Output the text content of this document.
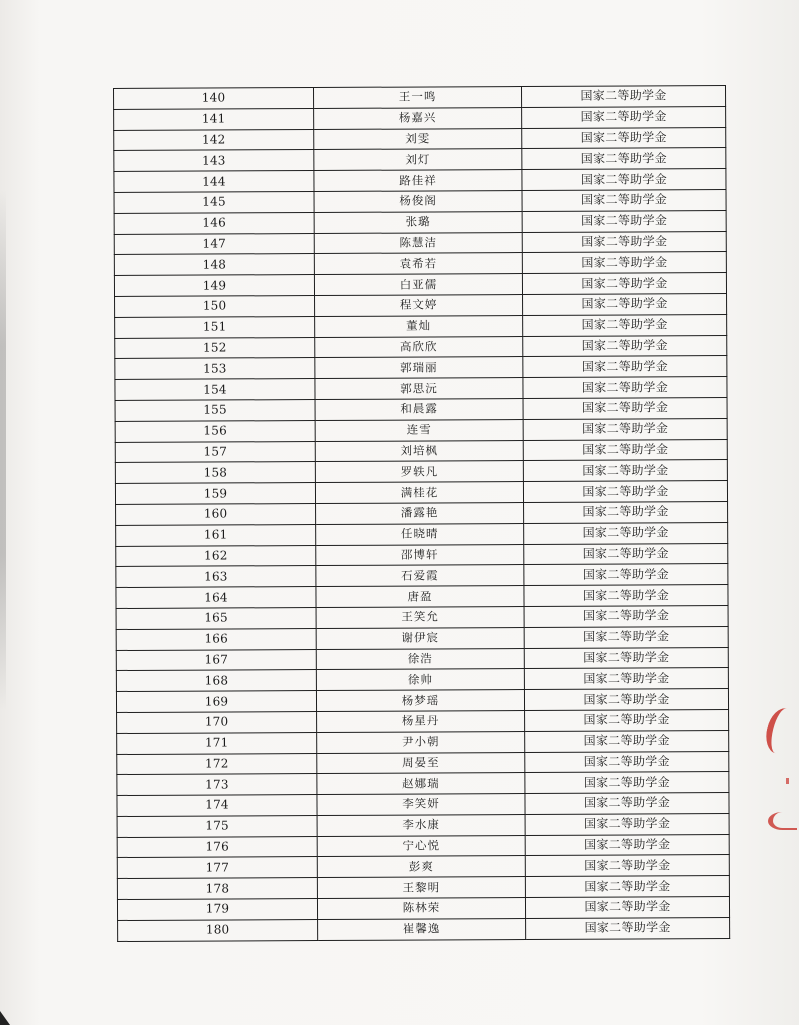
140	王一鸣	国家二等助学金
141	杨嘉兴	国家二等助学金
142	刘雯	国家二等助学金
143	刘灯	国家二等助学金
144	路佳祥	国家二等助学金
145	杨俊阁	国家二等助学金
146	张璐	国家二等助学金
147	陈慧洁	国家二等助学金
148	袁希若	国家二等助学金
149	白亚儒	国家二等助学金
150	程文婷	国家二等助学金
151	董灿	国家二等助学金
152	高欣欣	国家二等助学金
153	郭瑞丽	国家二等助学金
154	郭思沅	国家二等助学金
155	和晨露	国家二等助学金
156	连雪	国家二等助学金
157	刘培枫	国家二等助学金
158	罗轶凡	国家二等助学金
159	满桂花	国家二等助学金
160	潘露艳	国家二等助学金
161	任晓晴	国家二等助学金
162	邵博轩	国家二等助学金
163	石爱霞	国家二等助学金
164	唐盈	国家二等助学金
165	王笑允	国家二等助学金
166	谢伊宸	国家二等助学金
167	徐浩	国家二等助学金
168	徐帅	国家二等助学金
169	杨梦瑶	国家二等助学金
170	杨星丹	国家二等助学金
171	尹小朝	国家二等助学金
172	周晏至	国家二等助学金
173	赵娜瑞	国家二等助学金
174	李笑妍	国家二等助学金
175	李水康	国家二等助学金
176	宁心悦	国家二等助学金
177	彭爽	国家二等助学金
178	王黎明	国家二等助学金
179	陈林荣	国家二等助学金
180	崔馨逸	国家二等助学金
